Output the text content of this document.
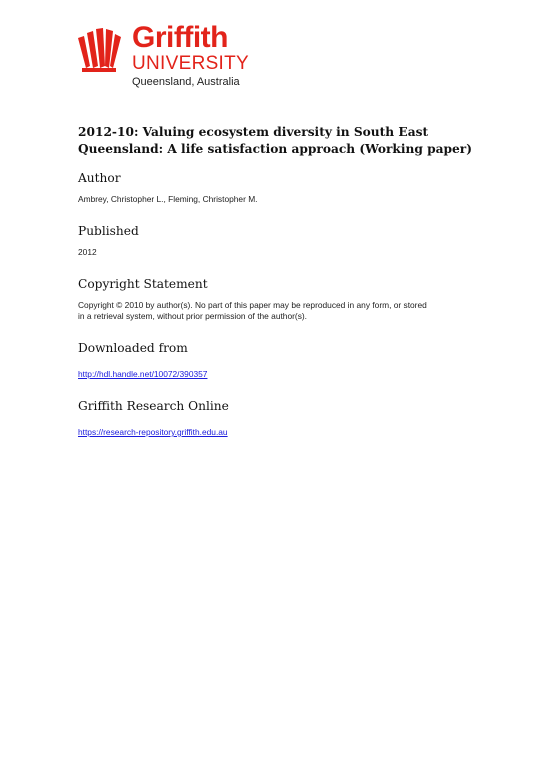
Griffith
UNIVERSITY
Queensland, Australia
2012-10: Valuing ecosystem diversity in South East
Queensland: A life satisfaction approach (Working paper)
Author
Ambrey, Christopher L., Fleming, Christopher M.
Published
2012
Copyright Statement
Copyright © 2010 by author(s). No part of this paper may be reproduced in any form, or stored
in a retrieval system, without prior permission of the author(s).
Downloaded from
http://hdl.handle.net/10072/390357
Griffith Research Online
https://research-repository.griffith.edu.au
